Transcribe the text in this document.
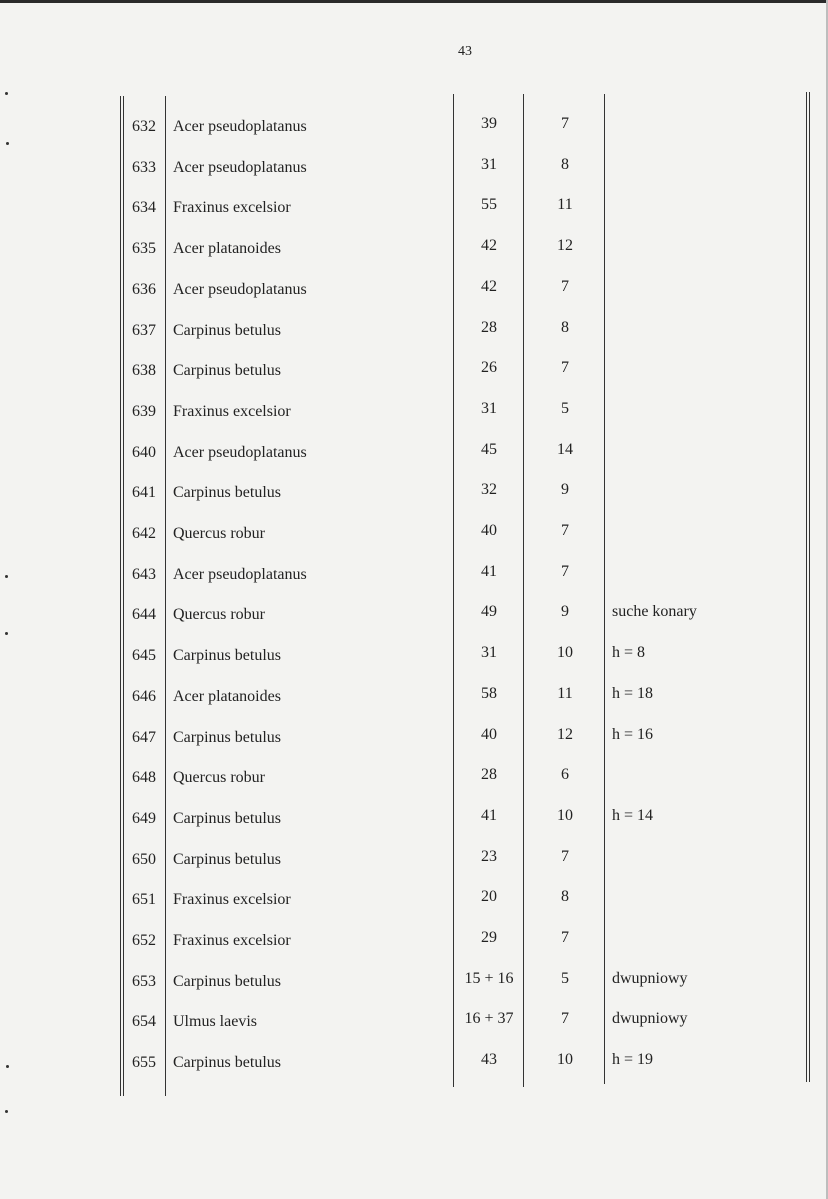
43
632 Acer pseudoplatanus	39	7
633 Acer pseudoplatanus	31	8
634 Fraxinus excelsior	55	11
635 Acer platanoides	42	12
636 Acer pseudoplatanus	42	7
637 Carpinus betulus	28	8
638 Carpinus betulus	26	7
639 Fraxinus excelsior	31	5
640 Acer pseudoplatanus	45	14
641 Carpinus betulus	32	9
642 Quercus robur	40	7
643 Acer pseudoplatanus	41	7
644 Quercus robur	49	9	suche konary
645 Carpinus betulus	31	10	h = 8
646 Acer platanoides	58	11	h = 18
647 Carpinus betulus	40	12	h = 16
648 Quercus robur	28	6
649 Carpinus betulus	41	10	h = 14
650 Carpinus betulus	23	7
651 Fraxinus excelsior	20	8
652 Fraxinus excelsior	29	7
653 Carpinus betulus	15 + 16	5	dwupniowy
654 Ulmus laevis	16 + 37	7	dwupniowy
655 Carpinus betulus	43	10	h = 19
